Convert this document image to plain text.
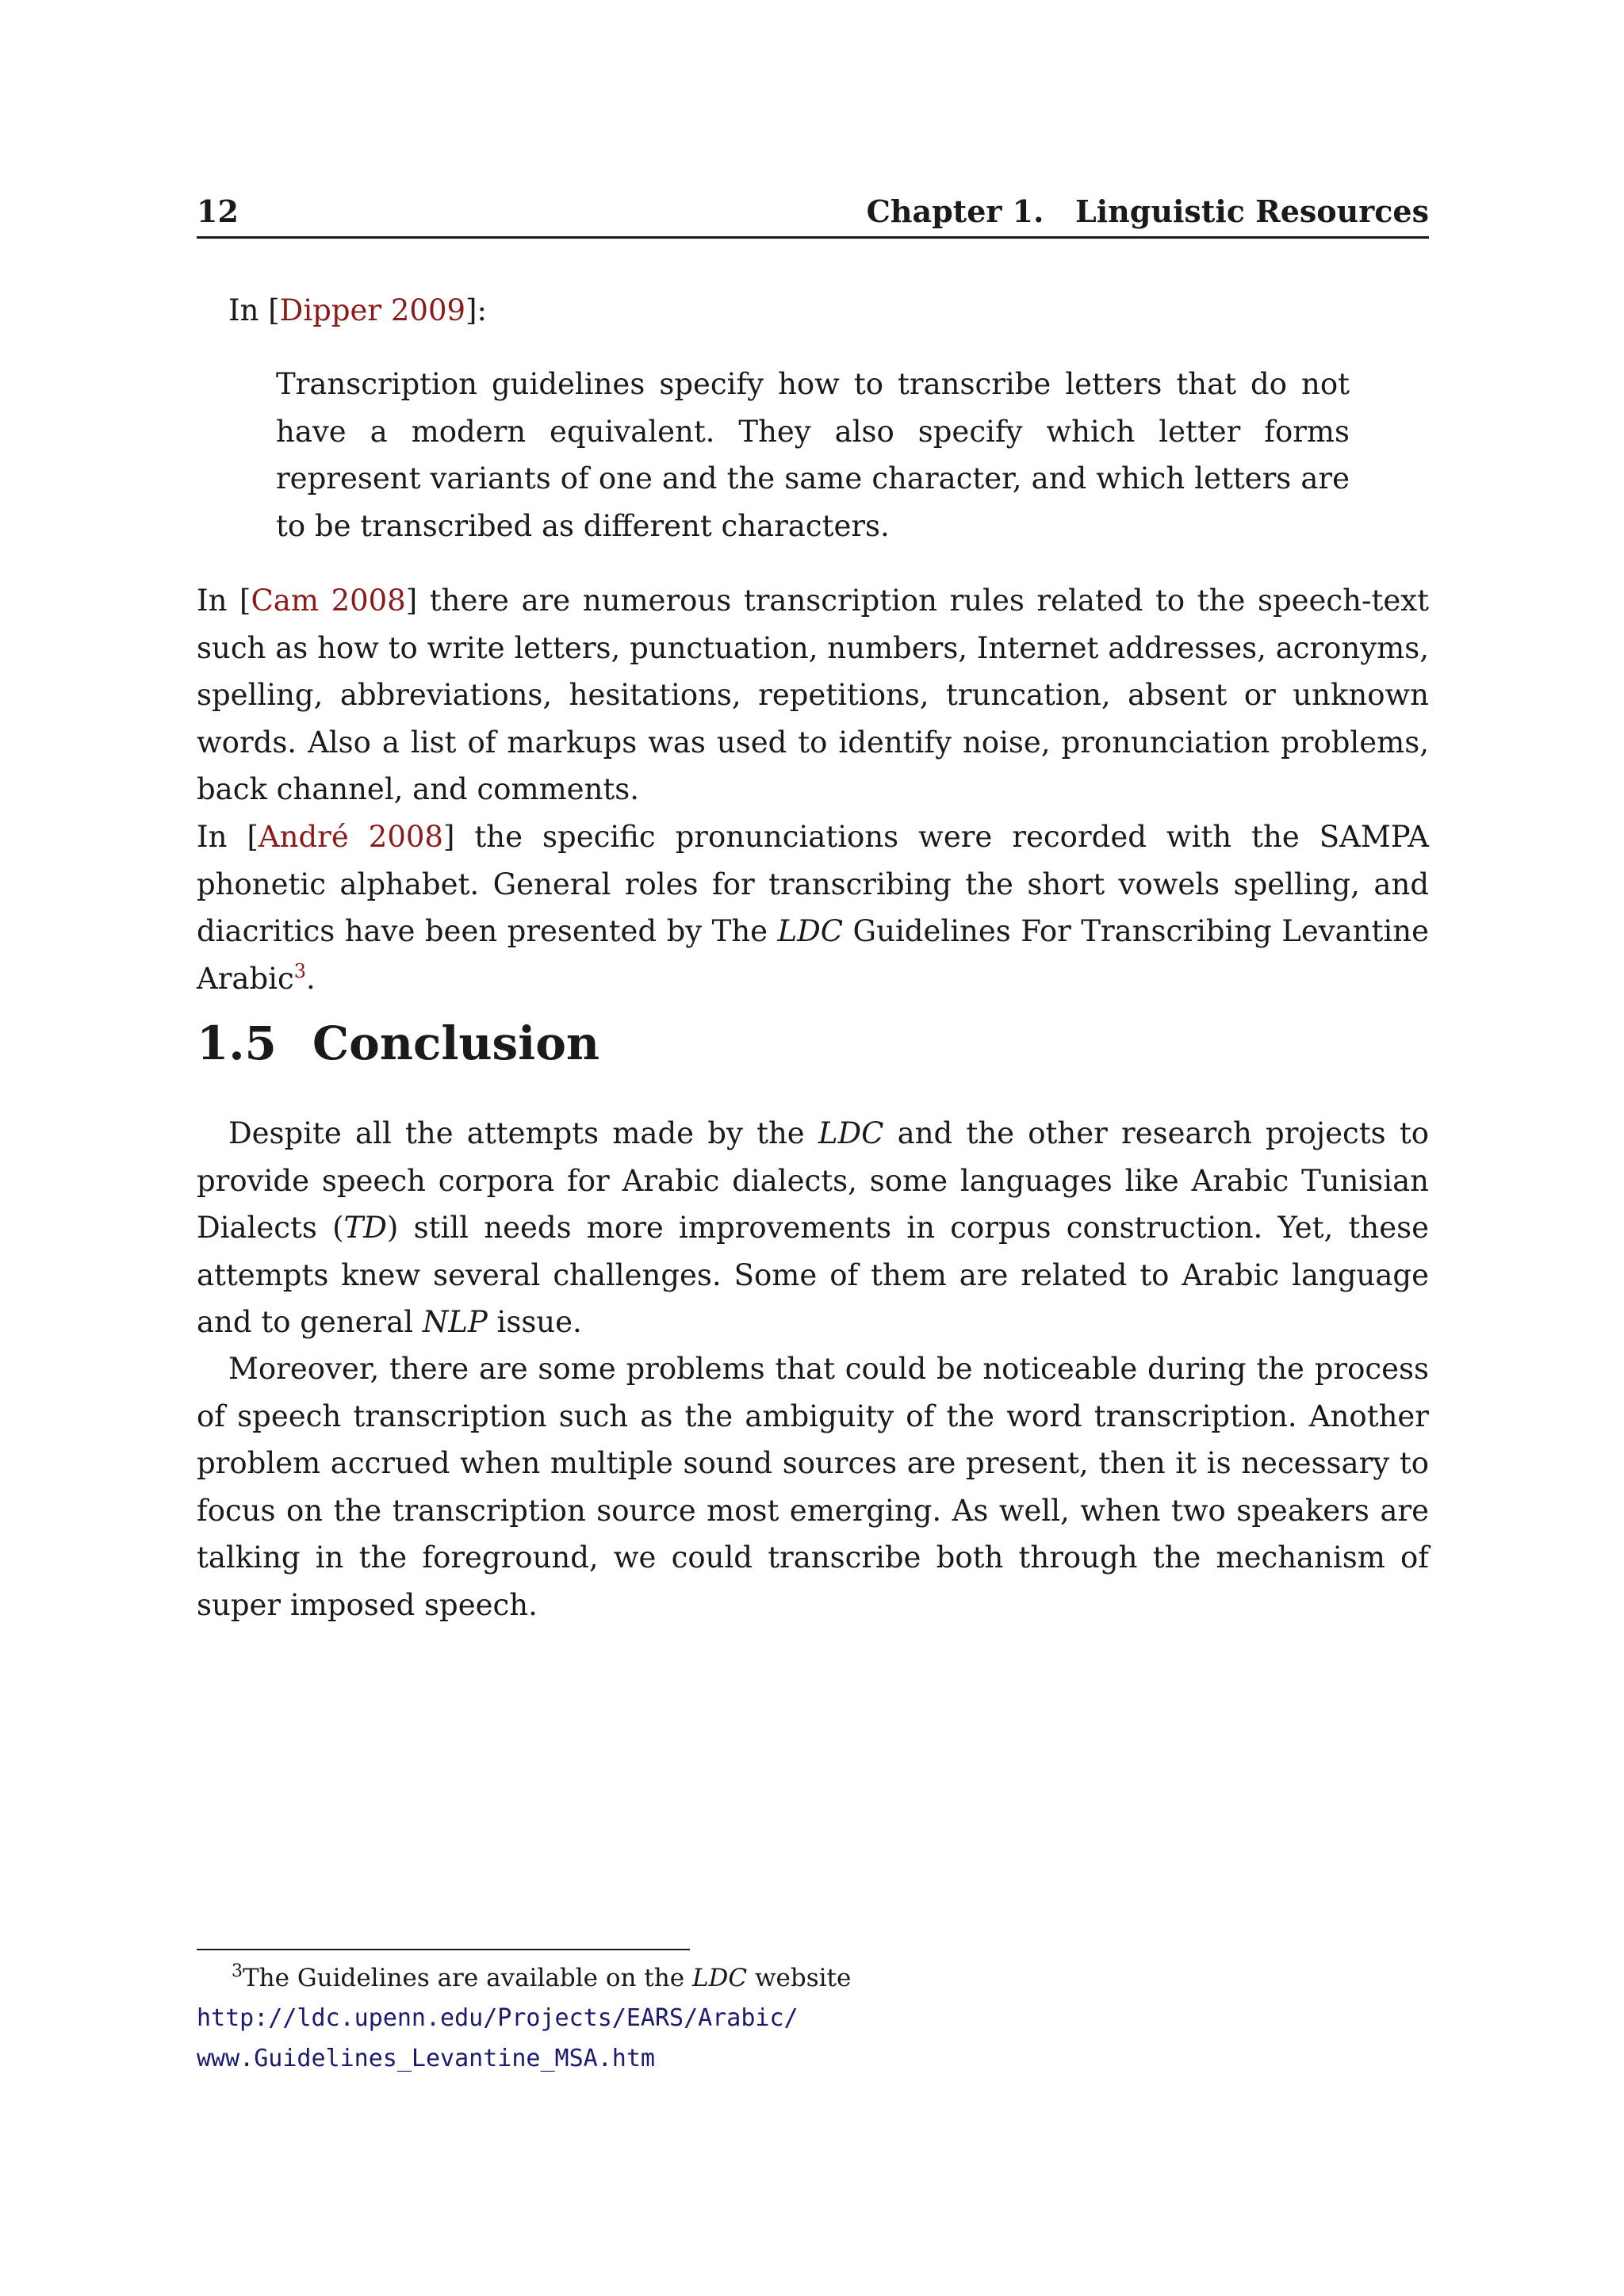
12	Chapter 1.   Linguistic Resources

In [Dipper 2009]:

Transcription guidelines specify how to transcribe letters that do not have a modern equivalent. They also specify which letter forms represent variants of one and the same character, and which letters are to be transcribed as different characters.

In [Cam 2008] there are numerous transcription rules related to the speech-text such as how to write letters, punctuation, numbers, Internet addresses, acronyms, spelling, abbreviations, hesitations, repetitions, truncation, absent or unknown words. Also a list of markups was used to identify noise, pronunciation problems, back channel, and comments.

In [André 2008] the specific pronunciations were recorded with the SAMPA phonetic alphabet. General roles for transcribing the short vowels spelling, and diacritics have been presented by The LDC Guidelines For Transcribing Levantine Arabic$^3$.

1.5 Conclusion

Despite all the attempts made by the LDC and the other research projects to provide speech corpora for Arabic dialects, some languages like Arabic Tunisian Dialects (TD) still needs more improvements in corpus construction. Yet, these attempts knew several challenges. Some of them are related to Arabic language and to general NLP issue.

Moreover, there are some problems that could be noticeable during the process of speech transcription such as the ambiguity of the word transcription. Another problem accrued when multiple sound sources are present, then it is necessary to focus on the transcription source most emerging. As well, when two speakers are talking in the foreground, we could transcribe both through the mechanism of super imposed speech.

$^3$The Guidelines are available on the LDC website http://ldc.upenn.edu/Projects/EARS/Arabic/
www.Guidelines_Levantine_MSA.htm
